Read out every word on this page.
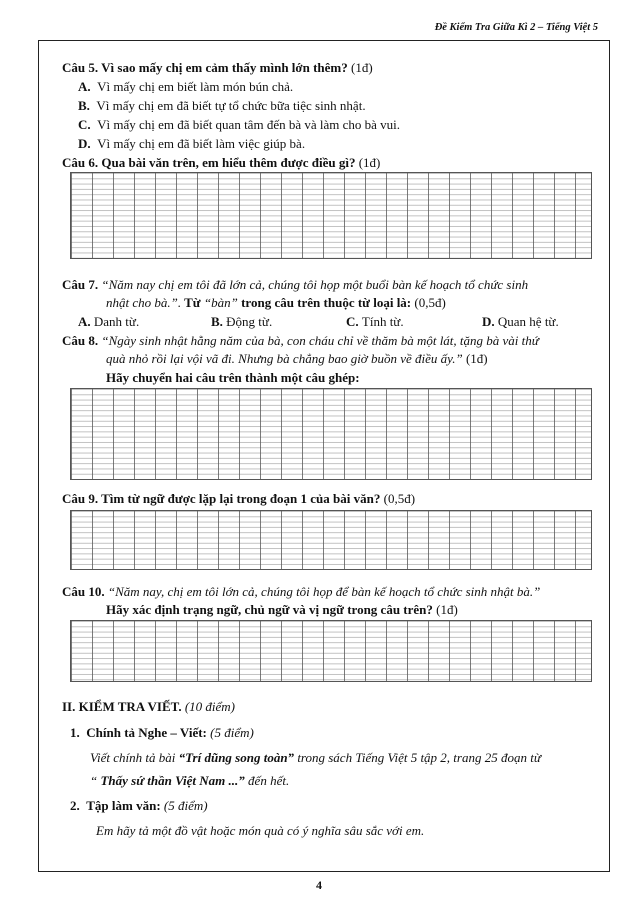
Đề Kiểm Tra Giữa Kì 2 – Tiếng Việt 5
Câu 5. Vì sao mấy chị em cảm thấy mình lớn thêm? (1đ)
A. Vì mấy chị em biết làm món bún chả.
B. Vì mấy chị em đã biết tự tổ chức bữa tiệc sinh nhật.
C. Vì mấy chị em đã biết quan tâm đến bà và làm cho bà vui.
D. Vì mấy chị em đã biết làm việc giúp bà.
Câu 6. Qua bài văn trên, em hiểu thêm được điều gì? (1đ)
Câu 7. “Năm nay chị em tôi đã lớn cả, chúng tôi họp một buổi bàn kế hoạch tổ chức sinh
nhật cho bà.”. Từ “bàn” trong câu trên thuộc từ loại là: (0,5đ)
A. Danh từ.	B. Động từ.	C. Tính từ.	D. Quan hệ từ.
Câu 8. “Ngày sinh nhật hằng năm của bà, con cháu chỉ về thăm bà một lát, tặng bà vài thứ
quà nhỏ rồi lại vội vã đi. Nhưng bà chẳng bao giờ buồn về điều ấy.” (1đ)
Hãy chuyển hai câu trên thành một câu ghép:
Câu 9. Tìm từ ngữ được lặp lại trong đoạn 1 của bài văn? (0,5đ)
Câu 10. “Năm nay, chị em tôi lớn cả, chúng tôi họp để bàn kế hoạch tổ chức sinh nhật bà.”
Hãy xác định trạng ngữ, chủ ngữ và vị ngữ trong câu trên? (1đ)
II. KIỂM TRA VIẾT. (10 điểm)
1. Chính tả Nghe – Viết: (5 điểm)
Viết chính tả bài “Trí dũng song toàn” trong sách Tiếng Việt 5 tập 2, trang 25 đoạn từ
“ Thấy sứ thần Việt Nam ...” đến hết.
2. Tập làm văn: (5 điểm)
Em hãy tả một đồ vật hoặc món quà có ý nghĩa sâu sắc với em.
4
